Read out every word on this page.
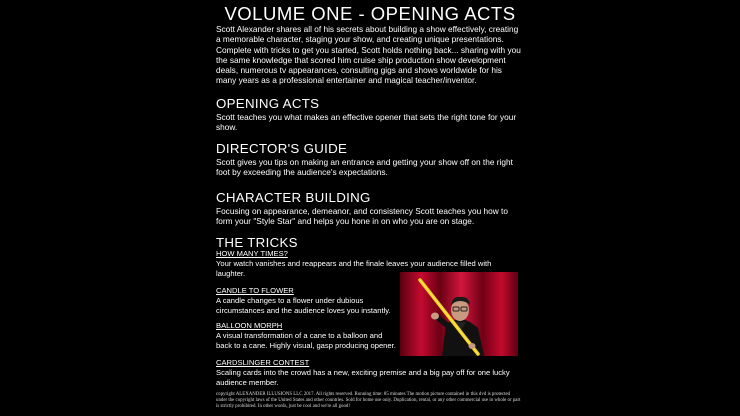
VOLUME ONE - OPENING ACTS
Scott Alexander shares all of his secrets about building a show effectively, creating a memorable character, staging your show, and creating unique presentations. Complete with tricks to get you started, Scott holds nothing back... sharing with you the same knowledge that scored him cruise ship production show development deals, numerous tv appearances, consulting gigs and shows worldwide for his many years as a professional entertainer and magical teacher/inventor.
OPENING ACTS
Scott teaches you what makes an effective opener that sets the right tone for your show.
DIRECTOR'S GUIDE
Scott gives you tips on making an entrance and getting your show off on the right foot by exceeding the audience's expectations.
CHARACTER BUILDING
Focusing on appearance, demeanor, and consistency Scott teaches you how to form your "Style Star" and helps you hone in on who you are on stage.
THE TRICKS
HOW MANY TIMES?
Your watch vanishes and reappears and the finale leaves your audience filled with laughter.
CANDLE TO FLOWER
A candle changes to a flower under dubious circumstances and the audience loves you instantly.
BALLOON MORPH
A visual transformation of a cane to a balloon and back to a cane. Highly visual, gasp producing opener.
CARDSLINGER CONTEST
Scaling cards into the crowd has a new, exciting premise and a big pay off for one lucky audience member.
copyright ALEXANDER ILLUSIONS LLC 2017. All rights reserved. Running time: 85 minutes The motion picture contained in this dvd is protected under the copyright laws of the United States and other countries. Sold for home use only. Duplication, rental, or any other commercial use in whole or part is strictly prohibited. In other words, just be cool and we're all good!
